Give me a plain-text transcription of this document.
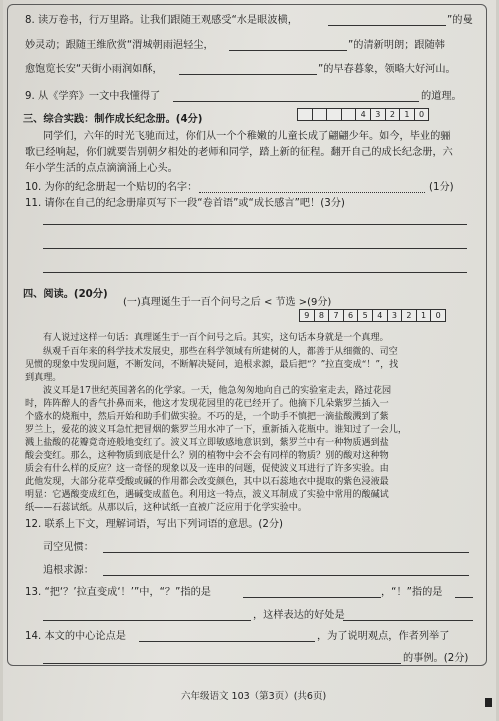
8. 读万卷书，行万里路。让我们跟随王观感受“水是眼波横，	”的曼
妙灵动；跟随王维欣赏“渭城朝雨浥轻尘，	”的清新明朗；跟随韩
愈饱览长安“天街小雨润如酥，	”的早春暮象，领略大好河山。
9. 从《学弈》一文中我懂得了	的道理。
三、综合实践：制作成长纪念册。(4分)	4	3	2	1	0
同学们，六年的时光飞驰而过，你们从一个个稚嫩的儿童长成了翩翩少年。如今，毕业的骊
歌已经响起，你们就要告别朝夕相处的老师和同学，踏上新的征程。翻开自己的成长纪念册，六
年小学生活的点点滴滴涌上心头。
10. 为你的纪念册起一个贴切的名字：	(1分)
11. 请你在自己的纪念册扉页写下一段“卷首语”或“成长感言”吧！(3分)
四、阅读。(20分)
(一)真理诞生于一百个问号之后 < 节选 >(9分)
9	8	7	6	5	4	3	2	1	0
有人说过这样一句话：真理诞生于一百个问号之后。其实，这句话本身就是一个真理。
纵观千百年来的科学技术发展史，那些在科学领域有所建树的人，都善于从细微的、司空
见惯的现象中发现问题，不断发问，不断解决疑问，追根求源，最后把“？”拉直变成“！”，找
到真理。
波义耳是17世纪英国著名的化学家。一天，他急匆匆地向自己的实验室走去，路过花园
时，阵阵醉人的香气扑鼻而来，他这才发现花园里的花已经开了。他摘下几朵紫罗兰插入一
个盛水的烧瓶中，然后开始和助手们做实验。不巧的是，一个助手不慎把一滴盐酸溅到了紫
罗兰上，爱花的波义耳急忙把冒烟的紫罗兰用水冲了一下，重新插入花瓶中。谁知过了一会儿，
溅上盐酸的花瓣竟奇迹般地变红了。波义耳立即敏感地意识到，紫罗兰中有一种物质遇到盐
酸会变红。那么，这种物质到底是什么？别的植物中会不会有同样的物质？别的酸对这种物
质会有什么样的反应？这一奇怪的现象以及一连串的问题，促使波义耳进行了许多实验。由
此他发现，大部分花草受酸或碱的作用都会改变颜色，其中以石蕊地衣中提取的紫色浸液最
明显：它遇酸变成红色，遇碱变成蓝色。利用这一特点，波义耳制成了实验中常用的酸碱试
纸——石蕊试纸。从那以后，这种试纸一直被广泛应用于化学实验中。
12. 联系上下文，理解词语，写出下列词语的意思。(2分)
司空见惯：
追根求源：
13. “把‘？’拉直变成‘！’”中，“？”指的是	，“！”指的是
，这样表达的好处是
14. 本文的中心论点是	，为了说明观点，作者列举了
的事例。(2分)
六年级语文 103（第3页）(共6页)
